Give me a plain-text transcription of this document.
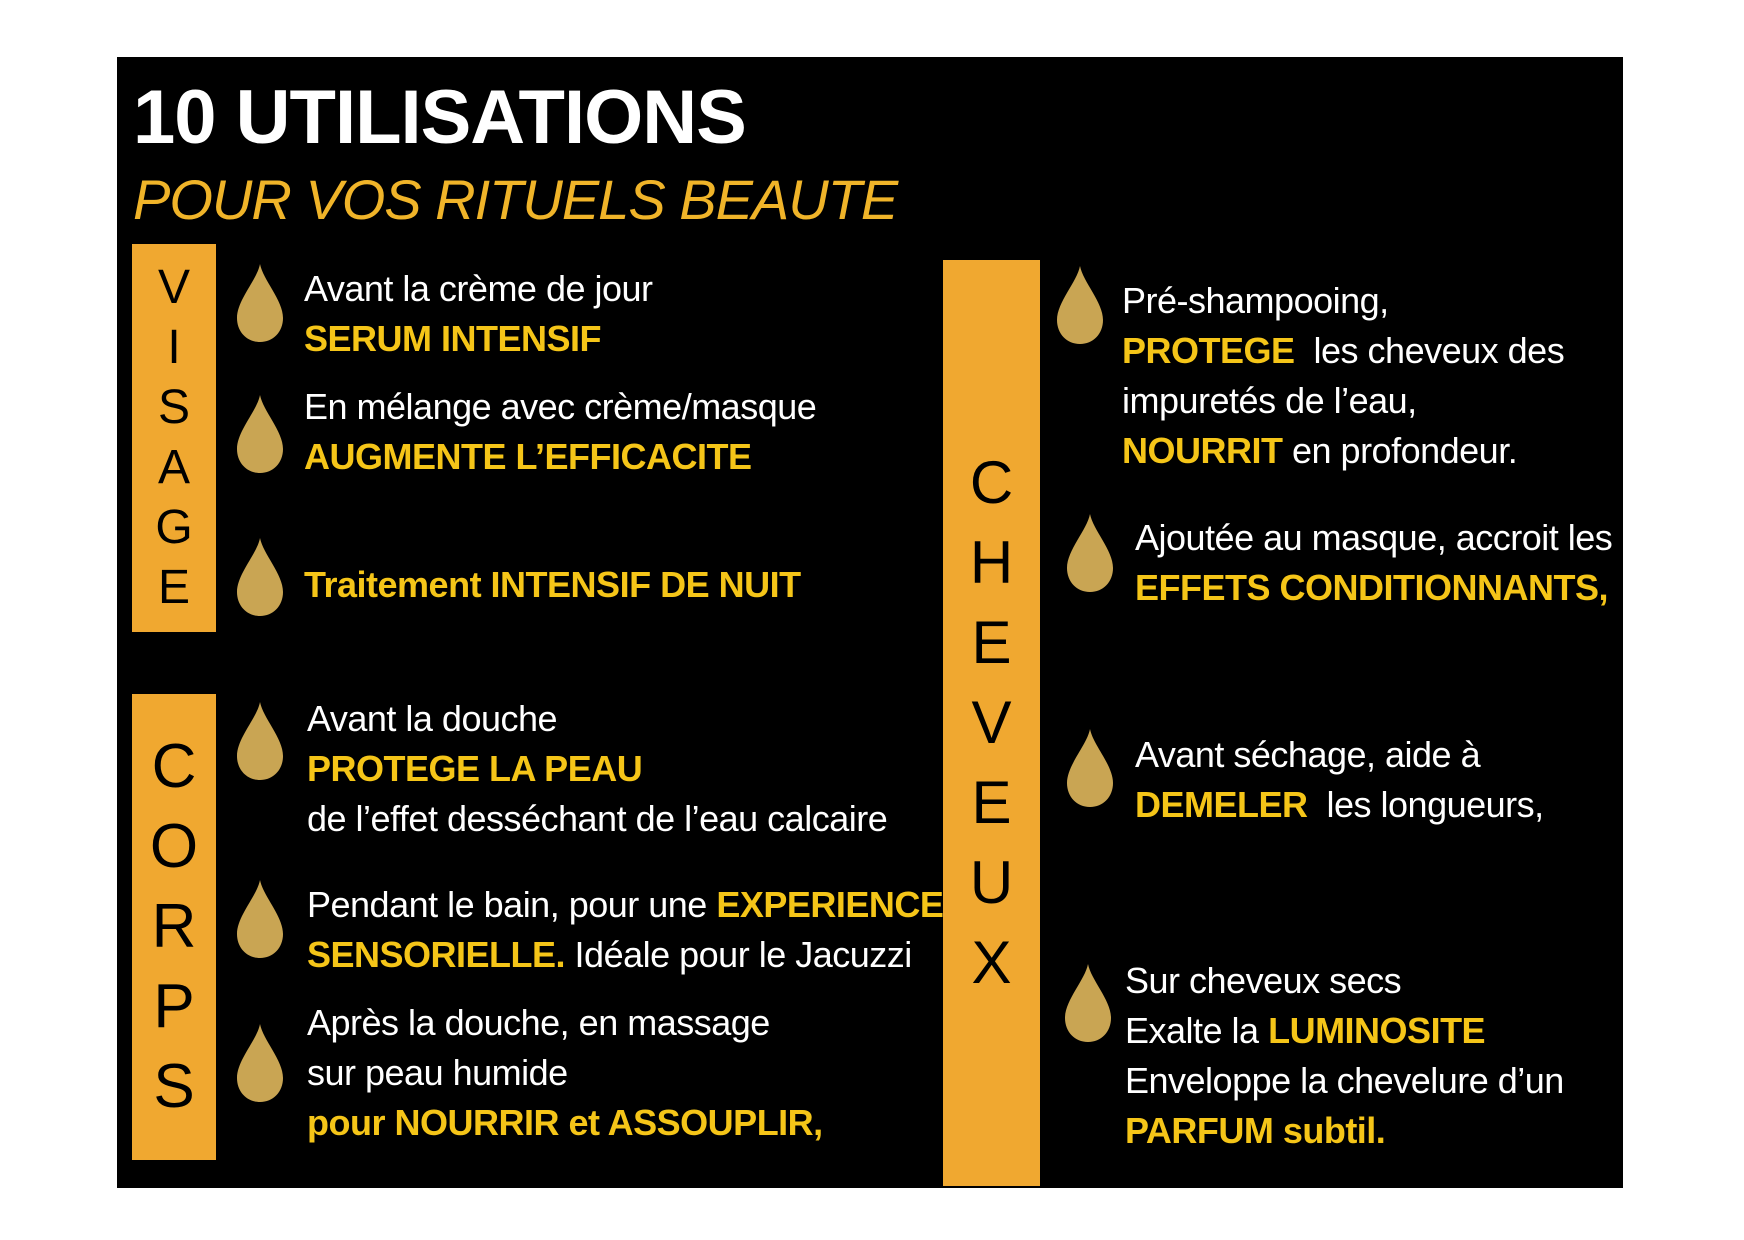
10 UTILISATIONS
POUR VOS RITUELS BEAUTE
V
I
S
A
G
E
Avant la crème de jour
SERUM INTENSIF
En mélange avec crème/masque
AUGMENTE L’EFFICACITE
Traitement INTENSIF DE NUIT
C
O
R
P
S
Avant la douche
PROTEGE LA PEAU
de l’effet desséchant de l’eau calcaire
Pendant le bain, pour une EXPERIENCE
SENSORIELLE. Idéale pour le Jacuzzi
Après la douche, en massage
sur peau humide
pour NOURRIR et ASSOUPLIR,
C
H
E
V
E
U
X
Pré-shampooing,
PROTEGE  les cheveux des
impuretés de l’eau,
NOURRIT en profondeur.
Ajoutée au masque, accroit les
EFFETS CONDITIONNANTS,
Avant séchage, aide à
DEMELER  les longueurs,
Sur cheveux secs
Exalte la LUMINOSITE
Enveloppe la chevelure d’un
PARFUM subtil.
